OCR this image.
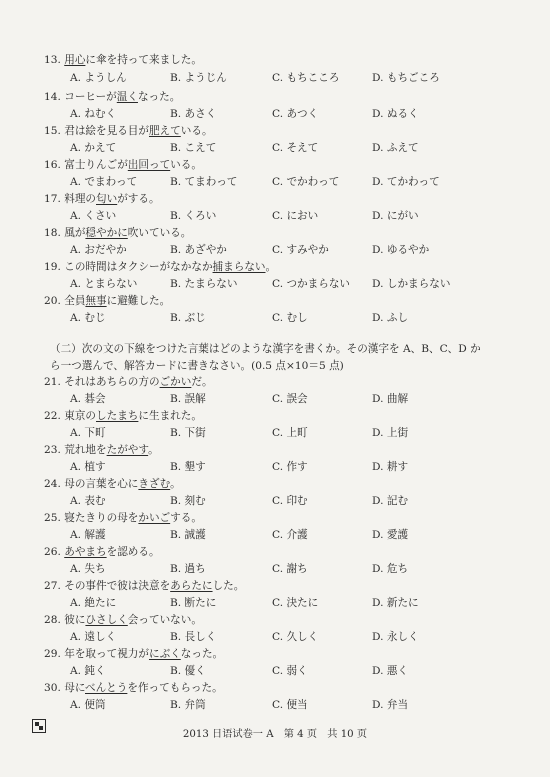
13. 用心に傘を持って来ました。
A. ようしん	B. ようじん	C. もちこころ	D. もちごころ
14. コーヒーが温くなった。
A. ねむく	B. あさく	C. あつく	D. ぬるく
15. 君は絵を見る目が肥えている。
A. かえて	B. こえて	C. そえて	D. ふえて
16. 富士りんごが出回っている。
A. でまわって	B. てまわって	C. でかわって	D. てかわって
17. 料理の匂いがする。
A. くさい	B. くろい	C. におい	D. にがい
18. 風が穏やかに吹いている。
A. おだやか	B. あざやか	C. すみやか	D. ゆるやか
19. この時間はタクシーがなかなか捕まらない。
A. とまらない	B. たまらない	C. つかまらない D. しかまらない
20. 全員無事に避難した。
A. むじ	B. ぶじ	C. むし	D. ふし
（二）次の文の下線をつけた言葉はどのような漢字を書くか。その漢字を A、B、C、D か
ら一つ選んで、解答カードに書きなさい。(0.5 点×10＝5 点)
21. それはあちらの方のごかいだ。
A. 碁会	B. 誤解	C. 誤会	D. 曲解
22. 東京のしたまちに生まれた。
A. 下町	B. 下街	C. 上町	D. 上街
23. 荒れ地をたがやす。
A. 植す	B. 墾す	C. 作す	D. 耕す
24. 母の言葉を心にきざむ。
A. 表む	B. 刻む	C. 印む	D. 記む
25. 寝たきりの母をかいごする。
A. 解護	B. 誠護	C. 介護	D. 愛護
26. あやまちを認める。
A. 失ち	B. 過ち	C. 謝ち	D. 危ち
27. その事件で彼は決意をあらたにした。
A. 絶たに	B. 断たに	C. 決たに	D. 新たに
28. 彼にひさしく会っていない。
A. 遠しく	B. 長しく	C. 久しく	D. 永しく
29. 年を取って視力がにぶくなった。
A. 鈍く	B. 優く	C. 弱く	D. 悪く
30. 母にべんとうを作ってもらった。
A. 便筒	B. 弁筒	C. 便当	D. 弁当
2013 日语试卷一 A　第 4 页　共 10 页
